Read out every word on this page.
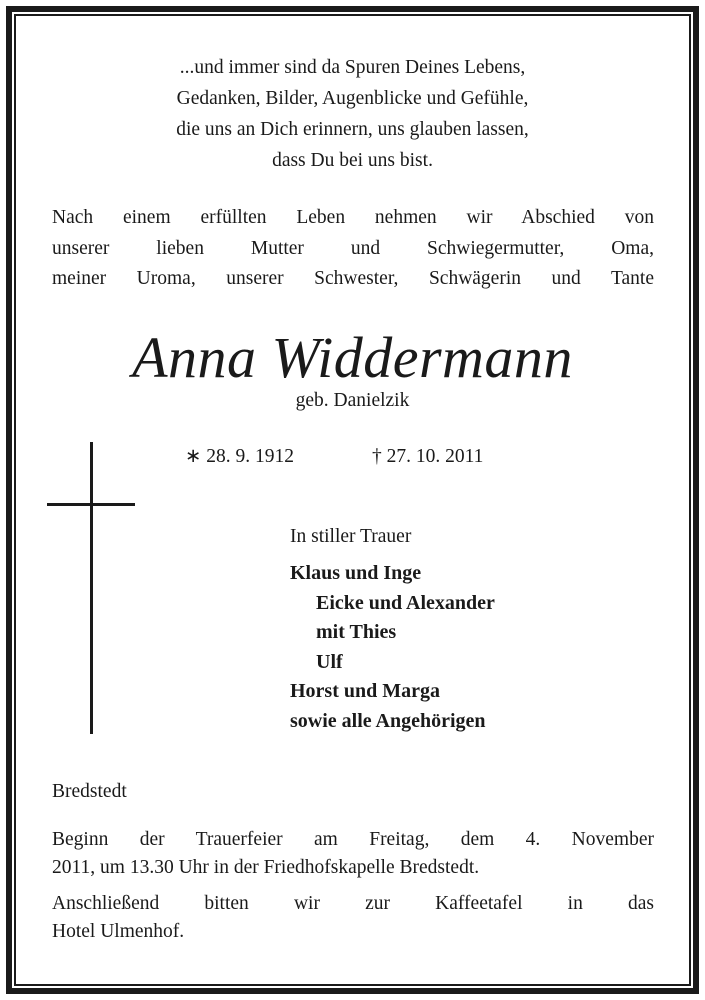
...und immer sind da Spuren Deines Lebens,
Gedanken, Bilder, Augenblicke und Gefühle,
die uns an Dich erinnern, uns glauben lassen,
dass Du bei uns bist.
Nach einem erfüllten Leben nehmen wir Abschied von
unserer lieben Mutter und Schwiegermutter, Oma,
meiner Uroma, unserer Schwester, Schwägerin und Tante
Anna Widdermann
geb. Danielzik
∗ 28. 9. 1912	† 27. 10. 2011
In stiller Trauer
Klaus und Inge
Eicke und Alexander
mit Thies
Ulf
Horst und Marga
sowie alle Angehörigen
Bredstedt
Beginn der Trauerfeier am Freitag, dem 4. November
2011, um 13.30 Uhr in der Friedhofskapelle Bredstedt.
Anschließend bitten wir zur Kaffeetafel in das
Hotel Ulmenhof.
